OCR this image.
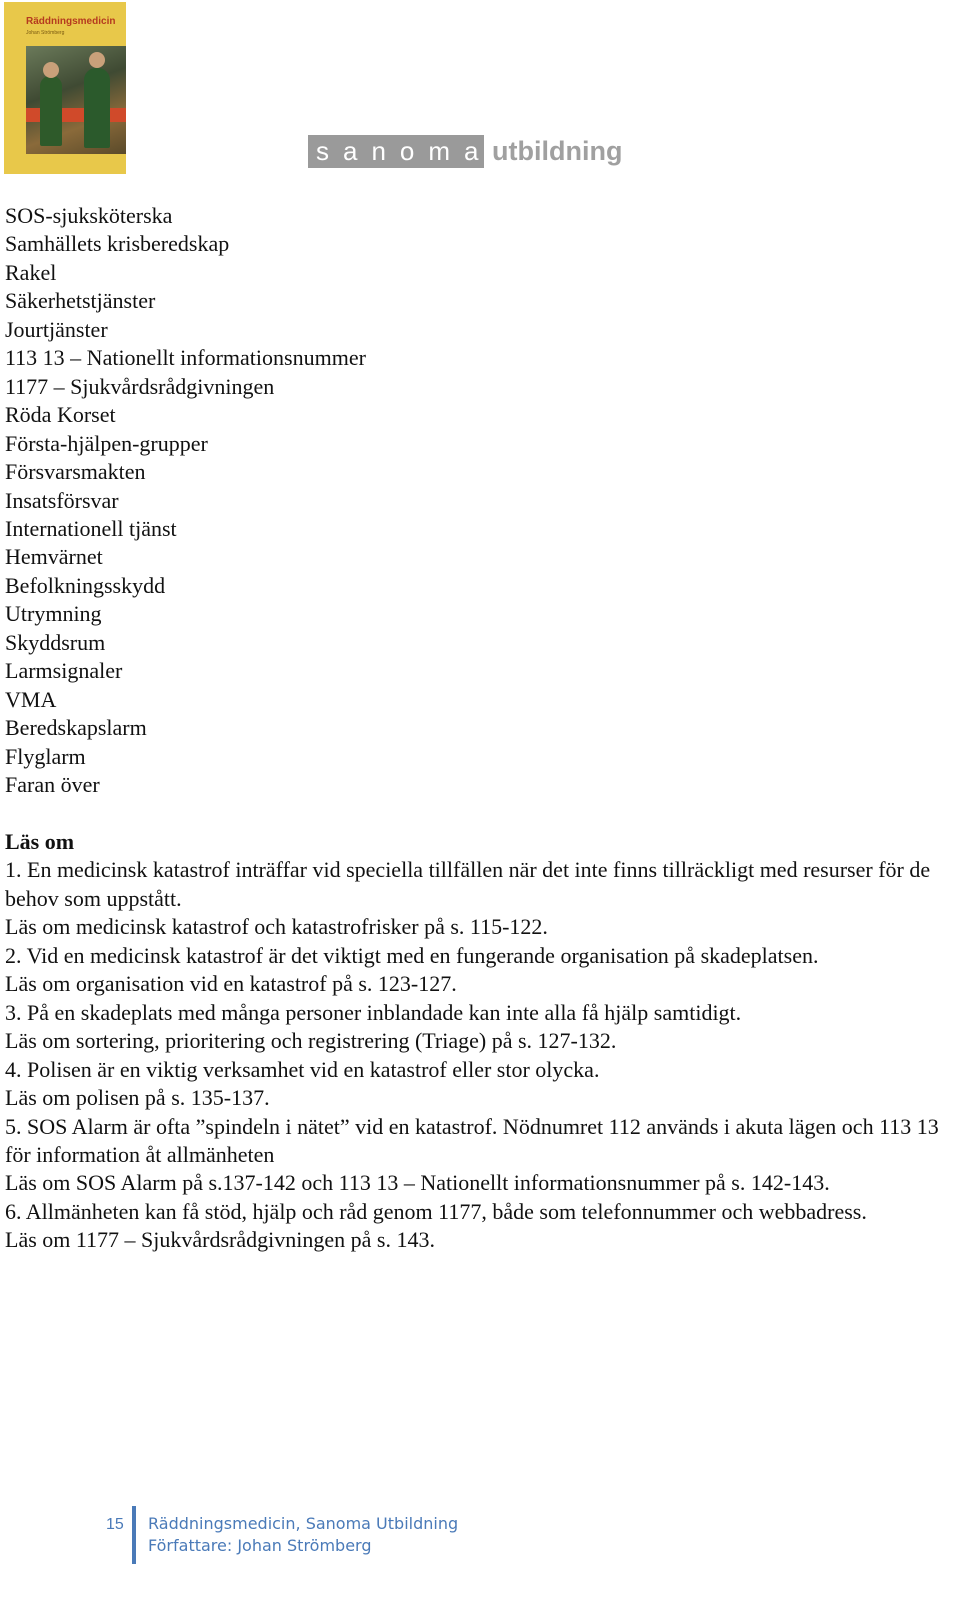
Räddningsmedicin
Johan Strömberg
sanoma utbildning
SOS-sjuksköterska
Samhällets krisberedskap
Rakel
Säkerhetstjänster
Jourtjänster
113 13 – Nationellt informationsnummer
1177 – Sjukvårdsrådgivningen
Röda Korset
Första-hjälpen-grupper
Försvarsmakten
Insatsförsvar
Internationell tjänst
Hemvärnet
Befolkningsskydd
Utrymning
Skyddsrum
Larmsignaler
VMA
Beredskapslarm
Flyglarm
Faran över
Läs om

1. En medicinsk katastrof inträffar vid speciella tillfällen när det inte finns tillräckligt med resurser för de behov som uppstått.

Läs om medicinsk katastrof och katastrofrisker på s. 115-122.

2. Vid en medicinsk katastrof är det viktigt med en fungerande organisation på skadeplatsen.

Läs om organisation vid en katastrof på s. 123-127.

3. På en skadeplats med många personer inblandade kan inte alla få hjälp samtidigt.

Läs om sortering, prioritering och registrering (Triage) på s. 127-132.

4. Polisen är en viktig verksamhet vid en katastrof eller stor olycka.

Läs om polisen på s. 135-137.

5. SOS Alarm är ofta ”spindeln i nätet” vid en katastrof. Nödnumret 112 används i akuta lägen och 113 13 för information åt allmänheten

Läs om SOS Alarm på s.137-142 och 113 13 – Nationellt informationsnummer på s. 142-143.

6. Allmänheten kan få stöd, hjälp och råd genom 1177, både som telefonnummer och webbadress.

Läs om 1177 – Sjukvårdsrådgivningen på s. 143.

15	Räddningsmedicin, Sanoma Utbildning
Författare: Johan Strömberg
